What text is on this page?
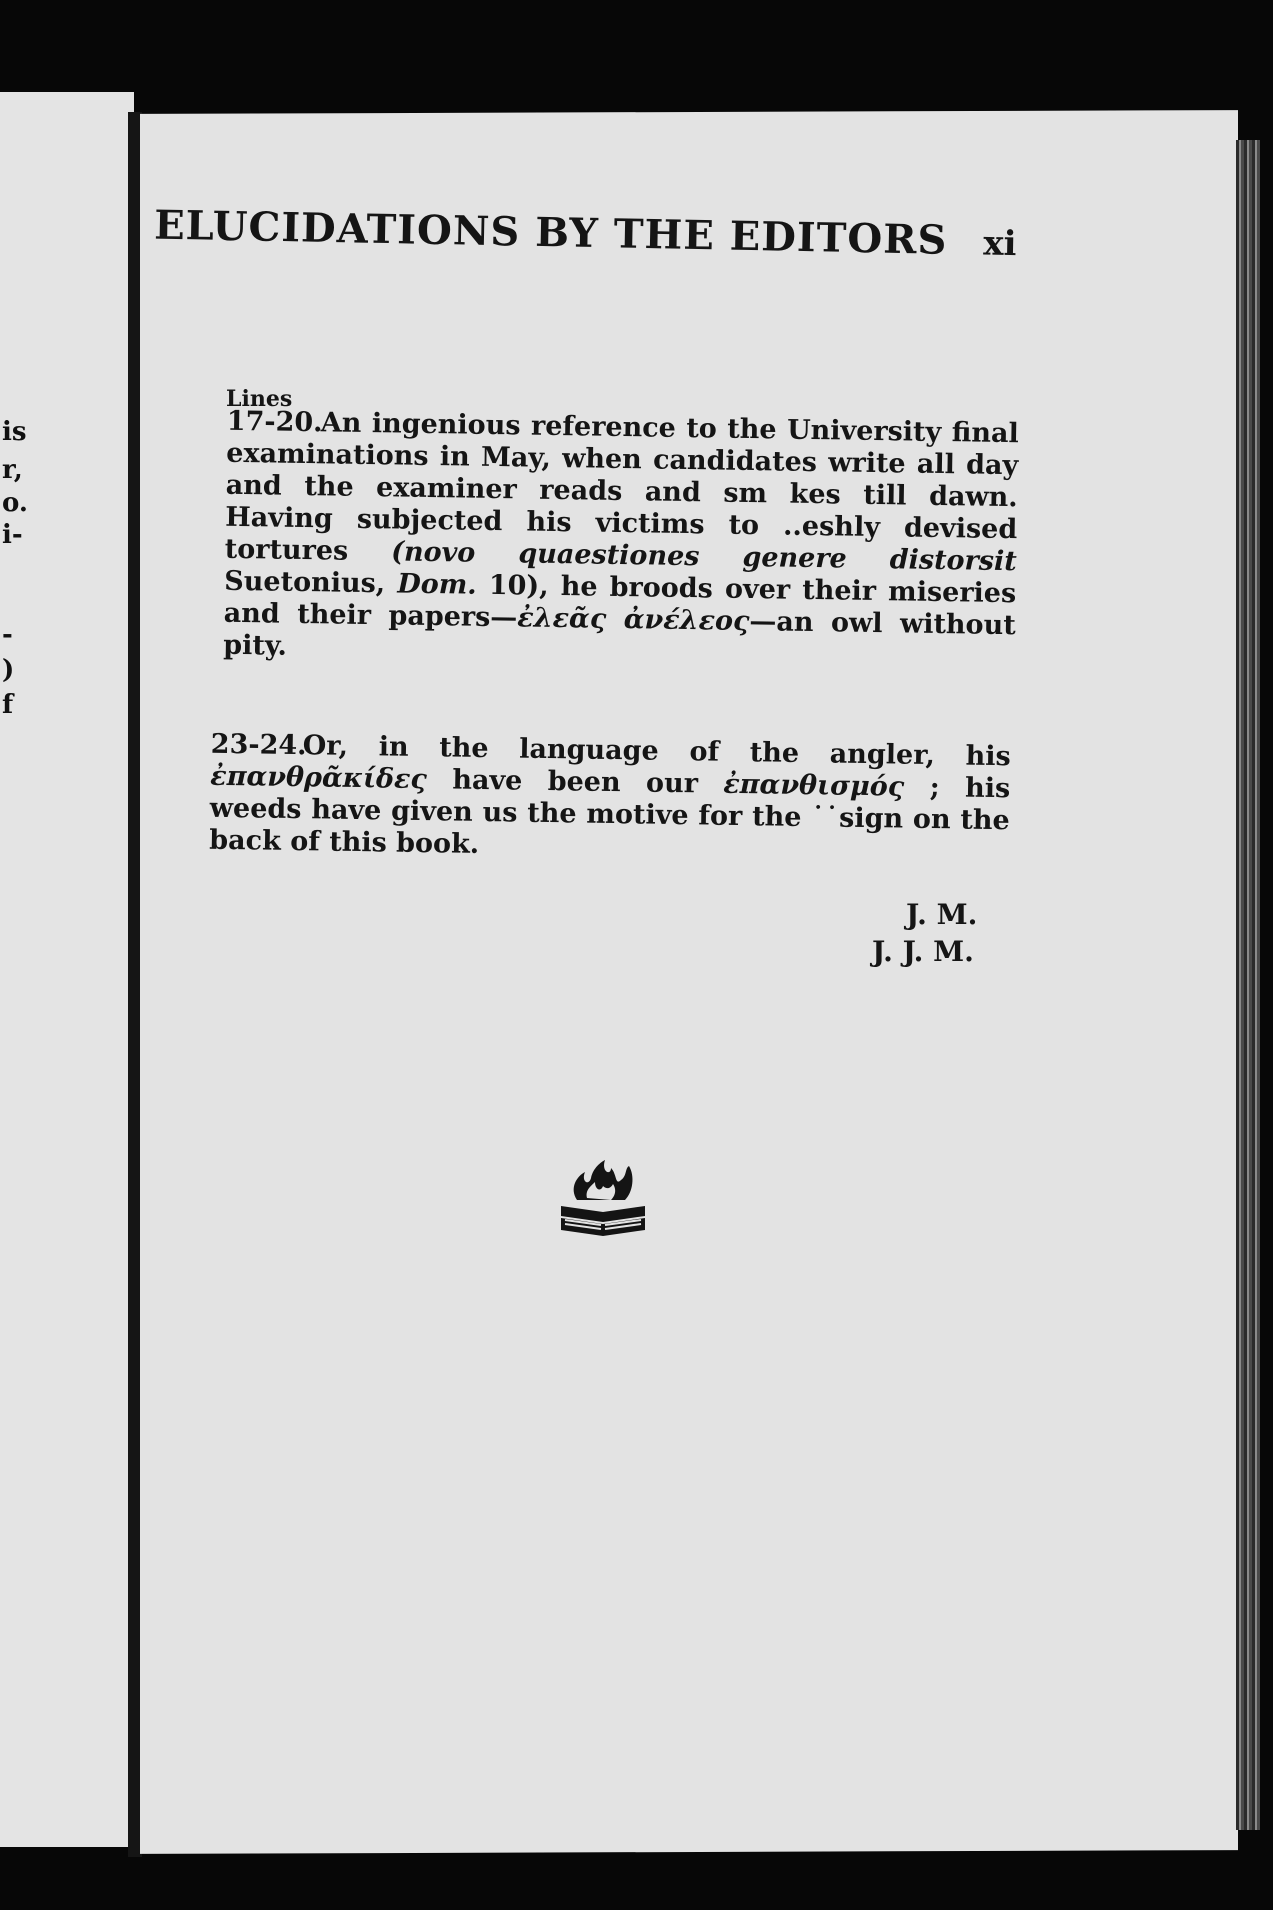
is
r,
o.
i-
-
)
f
ELUCIDATIONS BY THE EDITORS xi
Lines
17-20.
An ingenious reference to the University final examinations in May, when candidates write all day and the examiner reads and sm kes till dawn. Having subjected his victims to ..eshly devised tortures (novo quaestiones genere distorsit Suetonius, Dom. 10), he broods over their miseries and their papers—ἐλεᾶς ἀνέλεος—an owl without pity.
23-24.
Or, in the language of the angler, his ἐπανθρᾶκίδες have been our ἐπανθισμός ; his weeds have given us the motive for the ˙˙sign on the back of this book.
J. M.
J. J. M.
